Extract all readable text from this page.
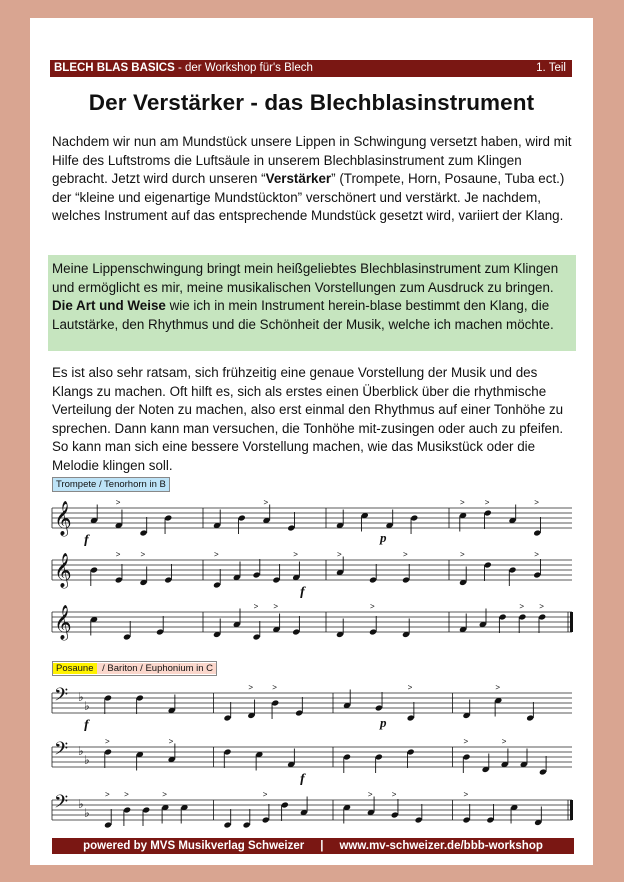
BLECH BLAS BASICS - der Workshop für's Blech	1. Teil
Der Verstärker - das Blechblasinstrument
Nachdem wir nun am Mundstück unsere Lippen in Schwingung versetzt haben, wird mit Hilfe des Luftstroms die Luftsäule in unserem Blechblasinstrument zum Klingen gebracht. Jetzt wird durch unseren “Verstärker” (Trompete, Horn, Posaune, Tuba ect.) der “kleine und eigenartige Mundstückton” verschönert und verstärkt. Je nachdem, welches Instrument auf das entsprechende Mundstück gesetzt wird, variiert der Klang.
Meine Lippenschwingung bringt mein heißgeliebtes Blechblasinstrument zum Klingen und ermöglicht es mir, meine musikalischen Vorstellungen zum Ausdruck zu bringen. Die Art und Weise wie ich in mein Instrument herein-blase bestimmt den Klang, die Lautstärke, den Rhythmus und die Schönheit der Musik, welche ich machen möchte.
Es ist also sehr ratsam, sich frühzeitig eine genaue Vorstellung der Musik und des Klangs zu machen. Oft hilft es, sich als erstes einen Überblick über die rhythmische Verteilung der Noten zu machen, also erst einmal den Rhythmus auf einer Tonhöhe zu sprechen. Dann kann man versuchen, die Tonhöhe mit-zusingen oder auch zu pfeifen. So kann man sich eine bessere Vorstellung machen, wie das Musikstück oder die Melodie klingen soll.
Trompete / Tenorhorn in B
𝄞	>	>	>	>	>
f	p
𝄞	>	>	>	>	>	>	>	>
f
𝄞	> >	>	> >
Posaune / Bariton / Euphonium in C
𝄢 ♭
♭
> >	>	>
f	p
𝄢 ♭
♭
>	>	>	>
f
𝄢 ♭
♭
> >	>	>	> >	>
powered by MVS Musikverlag Schweizer | www.mv-schweizer.de/bbb-workshop
